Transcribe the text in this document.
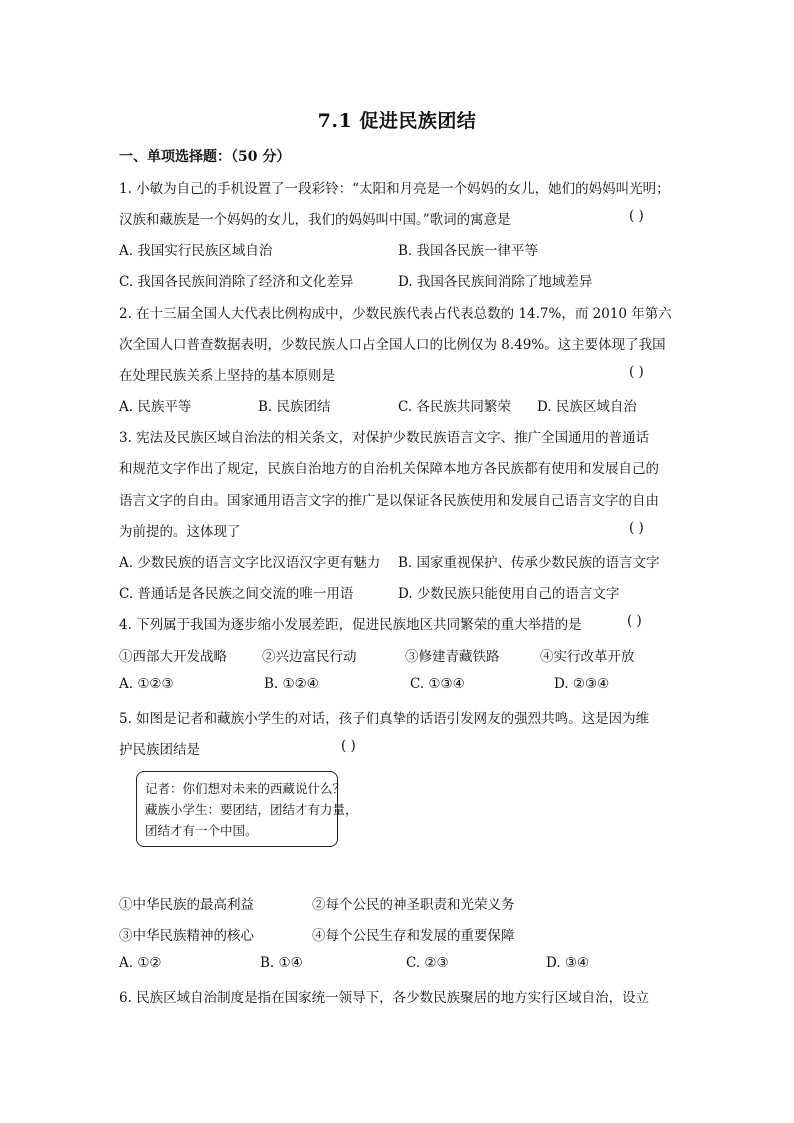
7.1 促进民族团结
一、单项选择题：（50 分）
1. 小敏为自己的手机设置了一段彩铃：“太阳和月亮是一个妈妈的女儿，她们的妈妈叫光明；
汉族和藏族是一个妈妈的女儿，我们的妈妈叫中国。”歌词的寓意是	( )
A. 我国实行民族区域自治	B. 我国各民族一律平等
C. 我国各民族间消除了经济和文化差异	D. 我国各民族间消除了地域差异
2. 在十三届全国人大代表比例构成中，少数民族代表占代表总数的 14.7%，而 2010 年第六
次全国人口普查数据表明，少数民族人口占全国人口的比例仅为 8.49%。这主要体现了我国
在处理民族关系上坚持的基本原则是	( )
A. 民族平等	B. 民族团结	C. 各民族共同繁荣 D. 民族区域自治
3. 宪法及民族区域自治法的相关条文，对保护少数民族语言文字、推广全国通用的普通话
和规范文字作出了规定，民族自治地方的自治机关保障本地方各民族都有使用和发展自己的
语言文字的自由。国家通用语言文字的推广是以保证各民族使用和发展自己语言文字的自由
为前提的。这体现了	( )
A. 少数民族的语言文字比汉语汉字更有魅力 B. 国家重视保护、传承少数民族的语言文字
C. 普通话是各民族之间交流的唯一用语	D. 少数民族只能使用自己的语言文字
4. 下列属于我国为逐步缩小发展差距，促进民族地区共同繁荣的重大举措的是	( )
①西部大开发战略	②兴边富民行动	③修建青藏铁路	④实行改革开放
A. ①②③	B. ①②④	C. ①③④	D. ②③④
5. 如图是记者和藏族小学生的对话，孩子们真挚的话语引发网友的强烈共鸣。这是因为维
护民族团结是	( )
记者：你们想对未来的西藏说什么？
藏族小学生：要团结，团结才有力量，
团结才有一个中国。
①中华民族的最高利益	②每个公民的神圣职责和光荣义务
③中华民族精神的核心	④每个公民生存和发展的重要保障
A. ①②	B. ①④	C. ②③	D. ③④
6. 民族区域自治制度是指在国家统一领导下，各少数民族聚居的地方实行区域自治，设立
